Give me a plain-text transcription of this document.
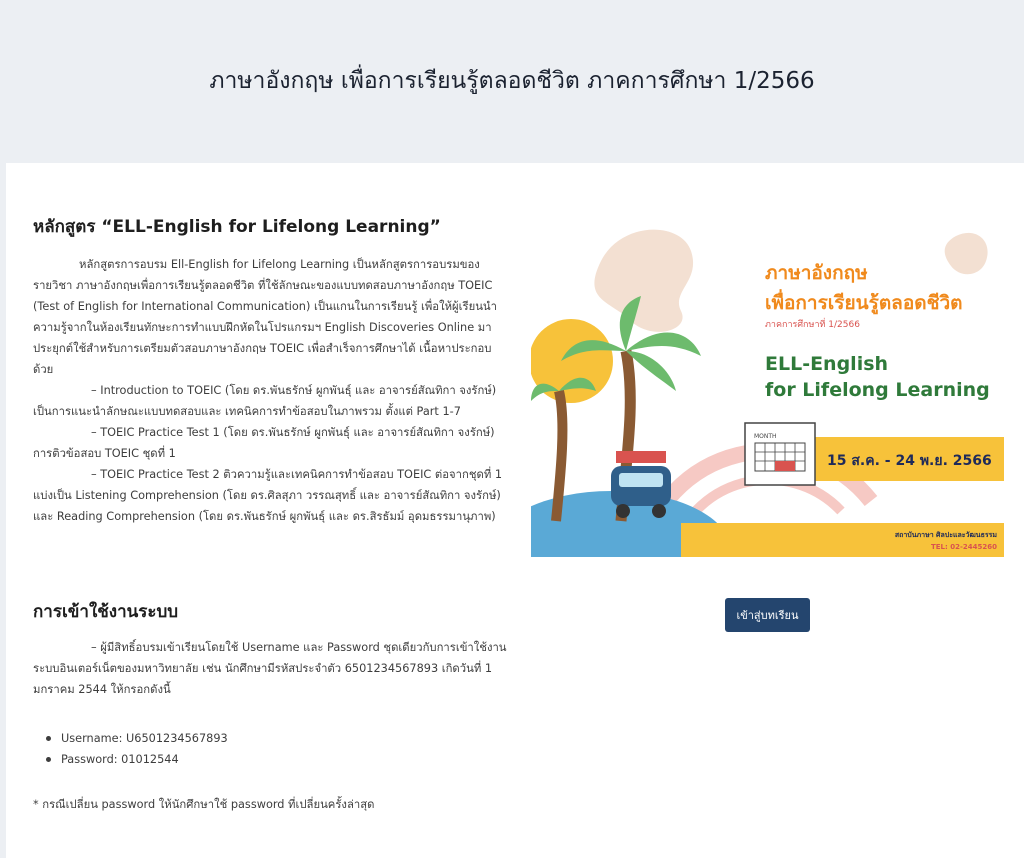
ภาษาอังกฤษ เพื่อการเรียนรู้ตลอดชีวิต ภาคการศึกษา 1/2566
หลักสูตร “ELL-English for Lifelong Learning”

หลักสูตรการอบรม Ell-English for Lifelong Learning เป็นหลักสูตรการอบรมของรายวิชา ภาษาอังกฤษเพื่อการเรียนรู้ตลอดชีวิต ที่ใช้ลักษณะของแบบทดสอบภาษาอังกฤษ TOEIC (Test of English for International Communication) เป็นแกนในการเรียนรู้ เพื่อให้ผู้เรียนนำความรู้จากในห้องเรียนทักษะการทำแบบฝึกหัดในโปรแกรมฯ English Discoveries Online มาประยุกต์ใช้สำหรับการเตรียมตัวสอบภาษาอังกฤษ TOEIC เพื่อสำเร็จการศึกษาได้ เนื้อหาประกอบด้วย

– Introduction to TOEIC (โดย ดร.พันธรักษ์ ผูกพันธุ์ และ อาจารย์สัณทิกา จงรักษ์) เป็นการแนะนำลักษณะแบบทดสอบและ เทคนิคการทำข้อสอบในภาพรวม ตั้งแต่ Part 1-7

– TOEIC Practice Test 1 (โดย ดร.พันธรักษ์ ผูกพันธุ์ และ อาจารย์สัณทิกา จงรักษ์) การติวข้อสอบ TOEIC ชุดที่ 1

– TOEIC Practice Test 2 ติวความรู้และเทคนิคการทำข้อสอบ TOEIC ต่อจากชุดที่ 1 แบ่งเป็น Listening Comprehension (โดย ดร.ศิลสุภา วรรณสุทธิ์ และ อาจารย์สัณทิกา จงรักษ์) และ Reading Comprehension (โดย ดร.พันธรักษ์ ผูกพันธุ์ และ ดร.สิรธัมม์ อุดมธรรมานุภาพ)

การเข้าใช้งานระบบ

– ผู้มีสิทธิ์อบรมเข้าเรียนโดยใช้ Username และ Password ชุดเดียวกับการเข้าใช้งานระบบอินเตอร์เน็ตของมหาวิทยาลัย เช่น นักศึกษามีรหัสประจำตัว 6501234567893 เกิดวันที่ 1 มกราคม 2544 ให้กรอกดังนี้

Username: U6501234567893
Password: 01012544

* กรณีเปลี่ยน password ให้นักศึกษาใช้ password ที่เปลี่ยนครั้งล่าสุด

ภาษาอังกฤษ
เพื่อการเรียนรู้ตลอดชีวิต
ภาคการศึกษาที่ 1/2566
ELL-English
for Lifelong Learning
15 ส.ค. - 24 พ.ย. 2566
MONTH
สถาบันภาษา ศิลปะและวัฒนธรรม
TEL: 02-2445260
เข้าสู่บทเรียน
